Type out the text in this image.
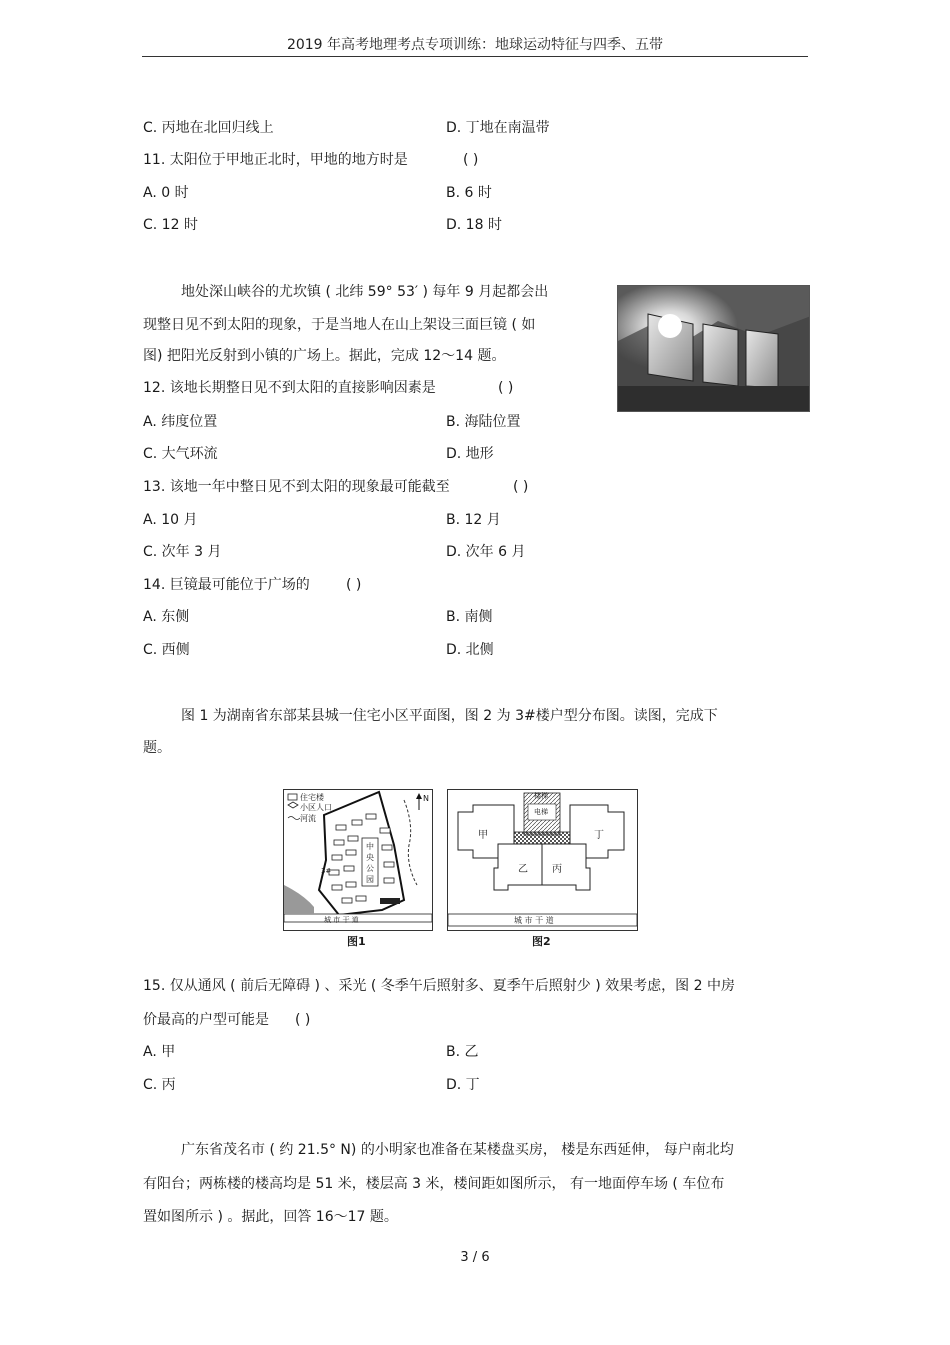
2019 年高考地理考点专项训练：地球运动特征与四季、五带
C. 丙地在北回归线上	D. 丁地在南温带
11. 太阳位于甲地正北时，甲地的地方时是	( )
A. 0 时	B. 6 时
C. 12 时	D. 18 时
地处深山峡谷的尤坎镇 ( 北纬 59° 53′ ) 每年 9 月起都会出
现整日见不到太阳的现象，于是当地人在山上架设三面巨镜 ( 如
图) 把阳光反射到小镇的广场上。据此，完成 12～14 题。
12. 该地长期整日见不到太阳的直接影响因素是	( )
A. 纬度位置	B. 海陆位置
C. 大气环流	D. 地形
13. 该地一年中整日见不到太阳的现象最可能截至	( )
A. 10 月	B. 12 月
C. 次年 3 月	D. 次年 6 月
14. 巨镜最可能位于广场的	( )
A. 东侧	B. 南侧
C. 西侧	D. 北侧
图 1 为湖南省东部某县城一住宅小区平面图，图 2 为 3#楼户型分布图。读图，完成下
题。
住宅楼
小区人口
河流
N
3#
中
央
公
园
城 市 干 道
图1
楼梯
电梯
甲
乙 丙
丁
城 市 干 道
图2
15. 仅从通风 ( 前后无障碍 ) 、采光 ( 冬季午后照射多、夏季午后照射少 ) 效果考虑，图 2 中房
价最高的户型可能是 ( )
A. 甲	B. 乙
C. 丙	D. 丁
广东省茂名市 ( 约 21.5° N) 的小明家也准备在某楼盘买房， 楼是东西延伸， 每户南北均
有阳台；两栋楼的楼高均是 51 米，楼层高 3 米，楼间距如图所示， 有一地面停车场 ( 车位布
置如图所示 ) 。据此，回答 16～17 题。
3 / 6
